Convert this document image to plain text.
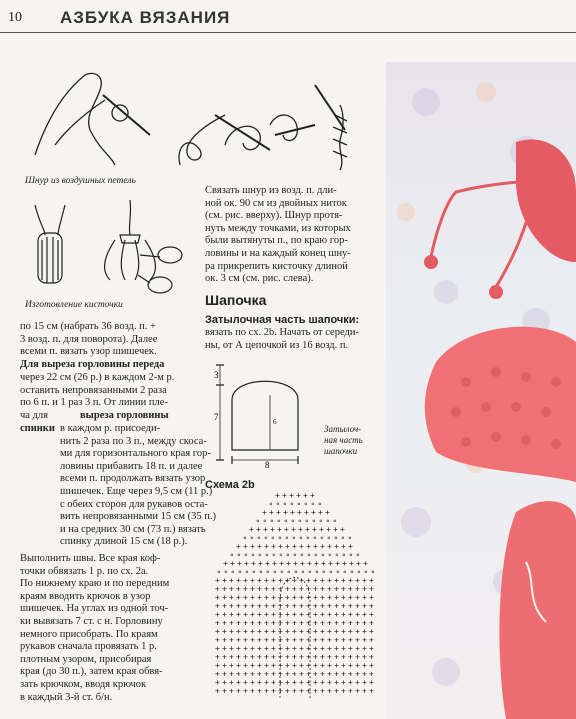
10 АЗБУКА ВЯЗАНИЯ
Шнур из воздушных петель
Изготовление кисточки
по 15 см (набрать 36 возд. п. +
3 возд. п. для поворота). Далее
всеми п. вязать узор шишечек.
Для выреза горловины переда
через 22 см (26 р.) в каждом 2-м р.
оставить непровязанными 2 раза
по 6 п. и 1 раз 3 п. От линии пле-
ча для	выреза горловины
спинки в каждом р. присоеди-
нить 2 раза по 3 п., между скоса-
ми для горизонтального края гор-
ловины прибавить 18 п. и далее
всеми п. продолжать вязать узор
шишечек. Еще через 9,5 см (11 р.)
с обеих сторон для рукавов оста-
вить непровязанными 15 см (35 п.)
и на средних 30 см (73 п.) вязать
спинку длиной 15 см (18 р.).
Выполнить швы. Все края коф-
точки обвязать 1 р. по сх. 2а.
По нижнему краю и по передним
краям вводить крючок в узор
шишечек. На углах из одной точ-
ки вывязать 7 ст. с н. Горловину
немного присобрать. По краям
рукавов сначала провязать 1 р.
плотным узором, присобирая
края (до 30 п.), затем края обвя-
зать крючком, вводя крючок
в каждый 3-й ст. б/н.
Связать шнур из возд. п. дли-
ной ок. 90 см из двойных ниток
(см. рис. вверху). Шнур протя-
нуть между точками, из которых
были вытянуты п., по краю гор-
ловины и на каждый конец шну-
ра прикрепить кисточку длиной
ок. 3 см (см. рис. слева).
Шапочка
Затылочная часть шапочки:
вязать по сх. 2b. Начать от середи-
ны, от А цепочкой из 16 возд. п.
3
7
8
6
Затылоч-
ная часть
шапочки
Схема 2b
+ + + + + +
∘ ∘ ∘ ∘ ∘ ∘ ∘ ∘
+ + + + + + + + + +
∘ ∘ ∘ ∘ ∘ ∘ ∘ ∘ ∘ ∘ ∘ ∘
+ + + + + + + + + + + + + +
∘ ∘ ∘ ∘ ∘ ∘ ∘ ∘ ∘ ∘ ∘ ∘ ∘ ∘ ∘ ∘
+ + + + + + + + + + + + + + + + +
∘ ∘ ∘ ∘ ∘ ∘ ∘ ∘ ∘ ∘ ∘ ∘ ∘ ∘ ∘ ∘ ∘ ∘ ∘
+ + + + + + + + + + + + + + + + + + + + +
∘ ∘ ∘ ∘ ∘ ∘ ∘ ∘ ∘ ∘ ∘ ∘ ∘ ∘ ∘ ∘ ∘ ∘ ∘ ∘ ∘ ∘ ∘
+ + + + + + + + + + + + + + + + + + + + + + +
+ + + + + + + + + + + + + + + + + + + + + + +
+ + + + + + + + + + + + + + + + + + + + + + +
+ + + + + + + + + + + + + + + + + + + + + + +
+ + + + + + + + + + + + + + + + + + + + + + +
+ + + + + + + + + + + + + + + + + + + + + + +
+ + + + + + + + + + + + + + + + + + + + + + +
+ + + + + + + + + + + + + + + + + + + + + + +
+ + + + + + + + + + + + + + + + + + + + + + +
+ + + + + + + + + + + + + + + + + + + + + + +
+ + + + + + + + + + + + + + + + + + + + + + +
+ + + + + + + + + + + + + + + + + + + + + + +
+ + + + + + + + + + + + + + + + + + + + + + +
+ + + + + + + + + + + + + + + + + + + + + + +
